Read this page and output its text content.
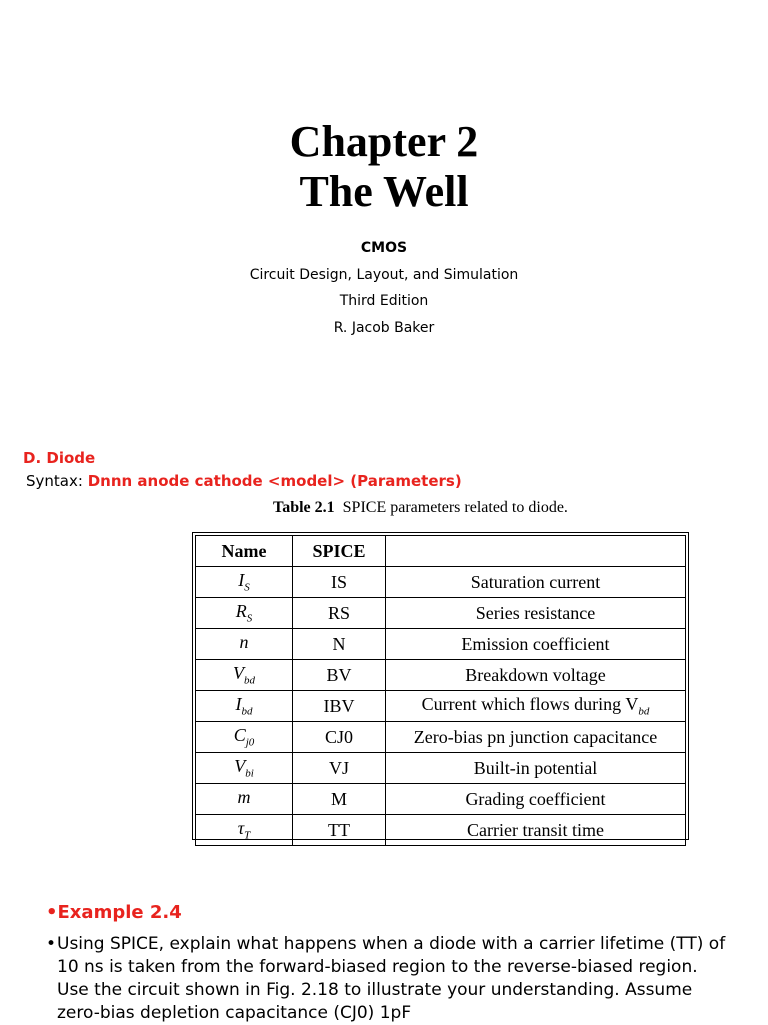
Chapter 2
The Well
CMOS
Circuit Design, Layout, and Simulation
Third Edition
R. Jacob Baker
D. Diode
Syntax: Dnnn anode cathode <model> (Parameters)
Table 2.1 SPICE parameters related to diode.
Name	SPICE	
$I_S$	IS	Saturation current
$R_S$	RS	Series resistance
n	N	Emission coefficient
$V_{bd}$	BV	Breakdown voltage
$I_{bd}$	IBV	Current which flows during $V_{bd}$
$C_{j0}$	CJ0	Zero-bias pn junction capacitance
$V_{bi}$	VJ	Built-in potential
m	M	Grading coefficient
$\tau_T$	TT	Carrier transit time
•Example 2.4
•Using SPICE, explain what happens when a diode with a carrier lifetime (TT) of
10 ns is taken from the forward-biased region to the reverse-biased region.
Use the circuit shown in Fig. 2.18 to illustrate your understanding. Assume
zero-bias depletion capacitance (CJ0) 1pF
